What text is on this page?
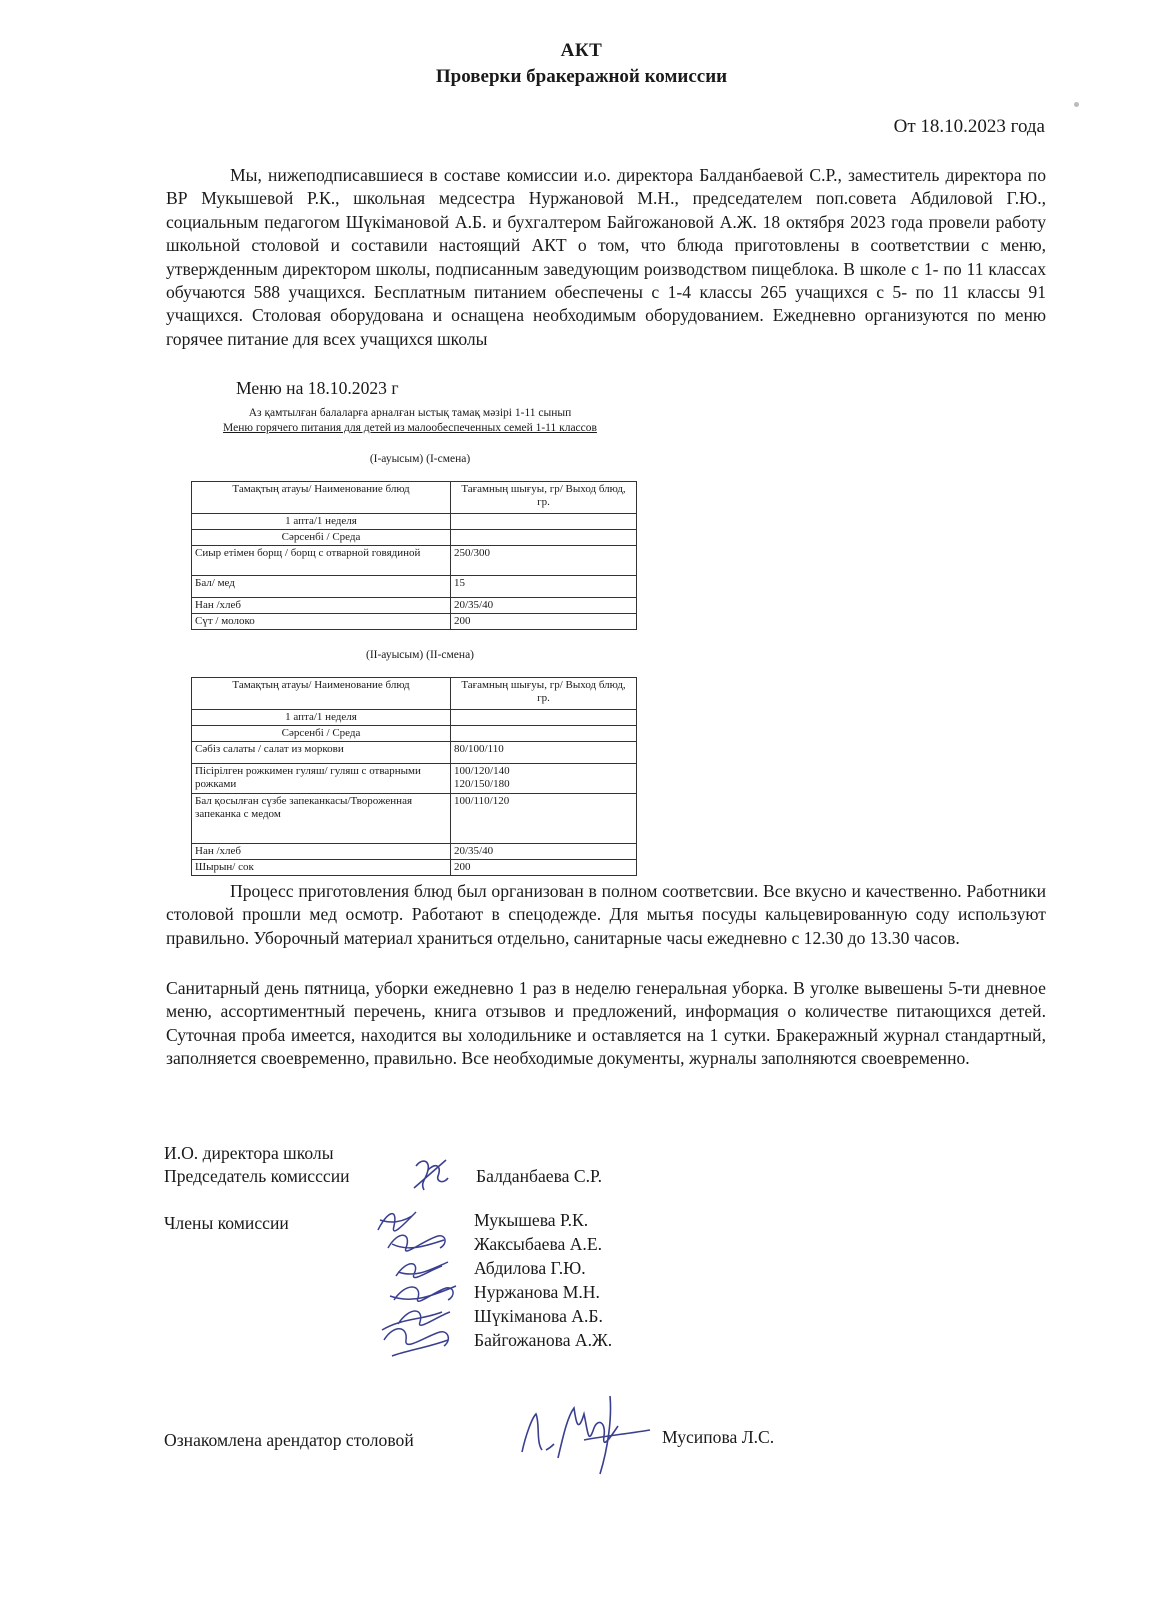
АКТ
Проверки бракеражной комиссии
От 18.10.2023 года
Мы, нижеподписавшиеся в составе комиссии и.о. директора Балданбаевой С.Р., заместитель директора по ВР Мукышевой Р.К., школьная медсестра Нуржановой М.Н., председателем поп.совета Абдиловой Г.Ю., социальным педагогом Шүкімановой А.Б. и бухгалтером Байгожановой А.Ж. 18 октября 2023 года провели работу школьной столовой и составили настоящий АКТ о том, что блюда приготовлены в соответствии с меню, утвержденным директором школы, подписанным заведующим роизводством пищеблока. В школе с 1- по 11 классах обучаются 588 учащихся. Бесплатным питанием обеспечены с 1-4 классы 265 учащихся с 5- по 11 классы 91 учащихся. Столовая оборудована и оснащена необходимым оборудованием. Ежедневно организуются по меню горячее питание для всех учащихся школы
Меню на 18.10.2023 г
Аз қамтылған балаларға арналған ыстық тамақ мәзірі 1-11 сынып
Меню горячего питания для детей из малообеспеченных семей 1-11 классов
(І-ауысым) (І-смена)
Тамақтың атауы/ Наименование блюд	Тағамның шығуы, гр/ Выход блюд, гр.
1 апта/1 неделя	
Сәрсенбі / Среда	
Сиыр етімен борщ / борщ с отварной говядиной	250/300
Бал/ мед	15
Нан /хлеб	20/35/40
Сүт / молоко	200
(ІІ-ауысым) (ІІ-смена)
Тамақтың атауы/ Наименование блюд	Тағамның шығуы, гр/ Выход блюд, гр.
1 апта/1 неделя	
Сәрсенбі / Среда	
Сәбіз салаты / салат из моркови	80/100/110
Пісірілген рожкимен гуляш/ гуляш с отварными рожками	100/120/140
120/150/180

Бал қосылған сүзбе запеканкасы/Твороженная запеканка с медом	100/110/120
Нан /хлеб	20/35/40
Шырын/ сок	200
Процесс приготовления блюд был организован в полном соответсвии. Все вкусно и качественно. Работники столовой прошли мед осмотр. Работают в спецодежде. Для мытья посуды кальцевированную соду используют правильно. Уборочный материал храниться отдельно, санитарные часы ежедневно с 12.30 до 13.30 часов.
Санитарный день пятница, уборки ежедневно 1 раз в неделю генеральная уборка. В уголке вывешены 5-ти дневное меню, ассортиментный перечень, книга отзывов и предложений, информация о количестве питающихся детей. Суточная проба имеется, находится вы холодильнике и оставляется на 1 сутки. Бракеражный журнал стандартный, заполняется своевременно, правильно. Все необходимые документы, журналы заполняются своевременно.
И.О. директора школы
Председатель комисссии	Балданбаева С.Р.
Члены комиссии	Мукышева Р.К.
Жаксыбаева А.Е.
Абдилова Г.Ю.
Нуржанова М.Н.
Шүкіманова А.Б.
Байгожанова А.Ж.
Ознакомлена арендатор столовой	Мусипова Л.С.
